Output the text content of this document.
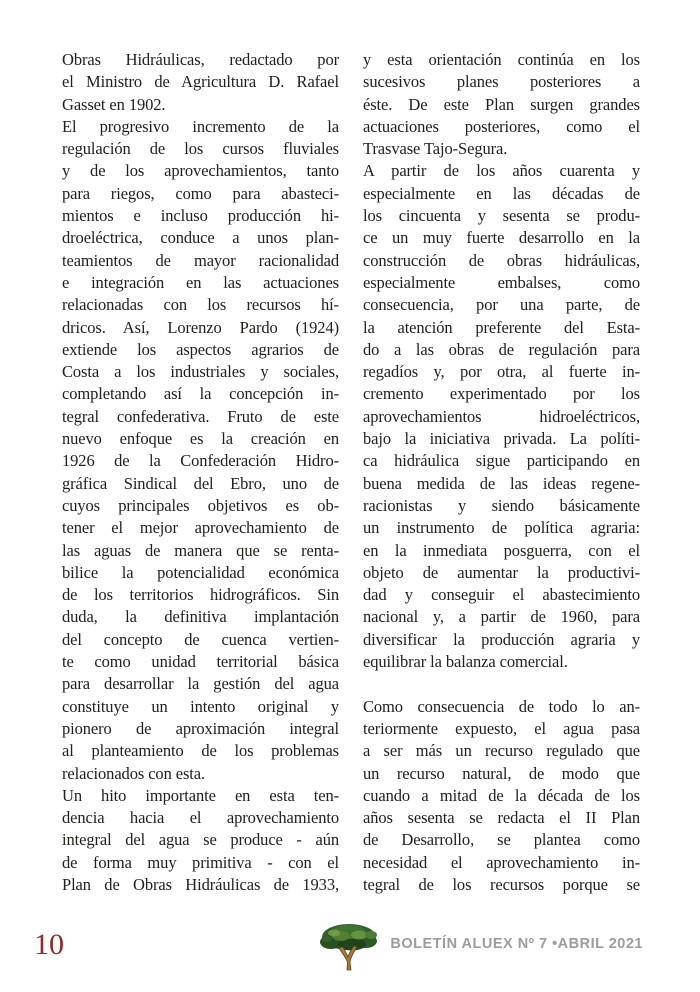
Obras Hidráulicas, redactado por
el Ministro de Agricultura D. Rafael
Gasset en 1902.
El progresivo incremento de la
regulación de los cursos fluviales
y de los aprovechamientos, tanto
para riegos, como para abasteci-
mientos e incluso producción hi-
droeléctrica, conduce a unos plan-
teamientos de mayor racionalidad
e integración en las actuaciones
relacionadas con los recursos hí-
dricos. Así, Lorenzo Pardo (1924)
extiende los aspectos agrarios de
Costa a los industriales y sociales,
completando así la concepción in-
tegral confederativa. Fruto de este
nuevo enfoque es la creación en
1926 de la Confederación Hidro-
gráfica Sindical del Ebro, uno de
cuyos principales objetivos es ob-
tener el mejor aprovechamiento de
las aguas de manera que se renta-
bilice la potencialidad económica
de los territorios hidrográficos. Sin
duda, la definitiva implantación
del concepto de cuenca vertien-
te como unidad territorial básica
para desarrollar la gestión del agua
constituye un intento original y
pionero de aproximación integral
al planteamiento de los problemas
relacionados con esta.
Un hito importante en esta ten-
dencia hacia el aprovechamiento
integral del agua se produce - aún
de forma muy primitiva - con el
Plan de Obras Hidráulicas de 1933,
y esta orientación continúa en los
sucesivos planes posteriores a
éste. De este Plan surgen grandes
actuaciones posteriores, como el
Trasvase Tajo-Segura.
A partir de los años cuarenta y
especialmente en las décadas de
los cincuenta y sesenta se produ-
ce un muy fuerte desarrollo en la
construcción de obras hidráulicas,
especialmente embalses, como
consecuencia, por una parte, de
la atención preferente del Esta-
do a las obras de regulación para
regadíos y, por otra, al fuerte in-
cremento experimentado por los
aprovechamientos hidroeléctricos,
bajo la iniciativa privada. La políti-
ca hidráulica sigue participando en
buena medida de las ideas regene-
racionistas y siendo básicamente
un instrumento de política agraria:
en la inmediata posguerra, con el
objeto de aumentar la productivi-
dad y conseguir el abastecimiento
nacional y, a partir de 1960, para
diversificar la producción agraria y
equilibrar la balanza comercial.
Como consecuencia de todo lo an-
teriormente expuesto, el agua pasa
a ser más un recurso regulado que
un recurso natural, de modo que
cuando a mitad de la década de los
años sesenta se redacta el II Plan
de Desarrollo, se plantea como
necesidad el aprovechamiento in-
tegral de los recursos porque se
10	BOLETÍN ALUEX Nº 7 •ABRIL 2021
